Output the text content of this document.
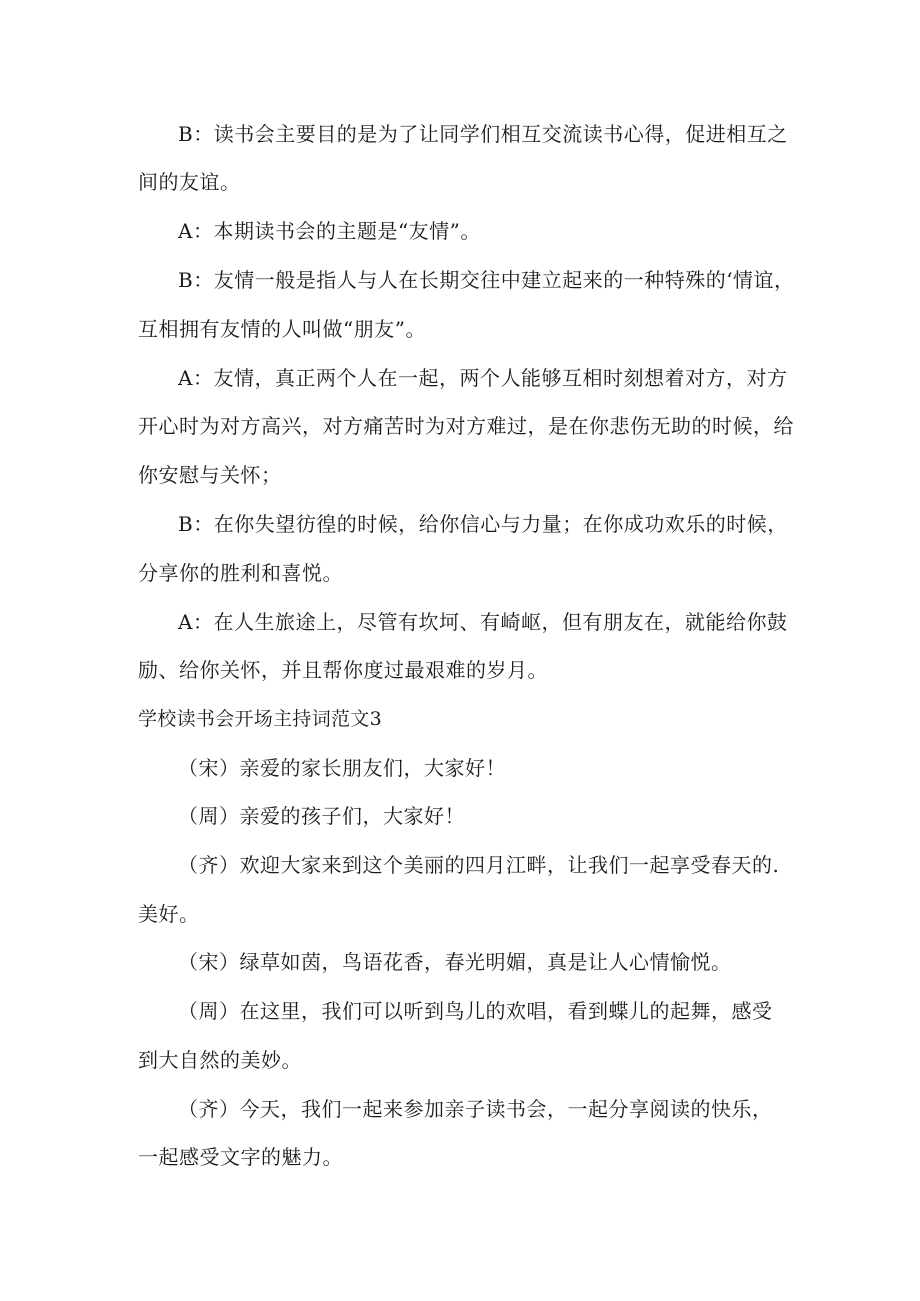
B：读书会主要目的是为了让同学们相互交流读书心得，促进相互之
间的友谊。
A：本期读书会的主题是“友情”。
B：友情一般是指人与人在长期交往中建立起来的一种特殊的‘情谊，
互相拥有友情的人叫做“朋友”。
A：友情，真正两个人在一起，两个人能够互相时刻想着对方，对方
开心时为对方高兴，对方痛苦时为对方难过，是在你悲伤无助的时候，给
你安慰与关怀；
B：在你失望彷徨的时候，给你信心与力量；在你成功欢乐的时候，
分享你的胜利和喜悦。
A：在人生旅途上，尽管有坎坷、有崎岖，但有朋友在，就能给你鼓
励、给你关怀，并且帮你度过最艰难的岁月。
学校读书会开场主持词范文3
（宋）亲爱的家长朋友们，大家好！
（周）亲爱的孩子们，大家好！
（齐）欢迎大家来到这个美丽的四月江畔，让我们一起享受春天的.
美好。
（宋）绿草如茵，鸟语花香，春光明媚，真是让人心情愉悦。
（周）在这里，我们可以听到鸟儿的欢唱，看到蝶儿的起舞，感受
到大自然的美妙。
（齐）今天，我们一起来参加亲子读书会，一起分享阅读的快乐，
一起感受文字的魅力。
